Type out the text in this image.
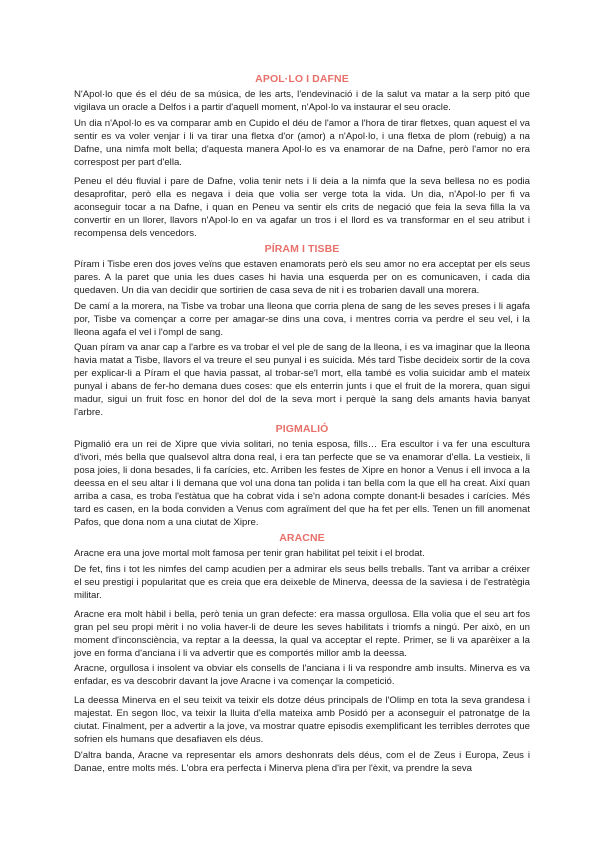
APOL·LO I DAFNE

N'Apol·lo que és el déu de sa música, de les arts, l'endevinació i de la salut va matar a la serp pitó que vigilava un oracle a Delfos i a partir d'aquell moment, n'Apol·lo va instaurar el seu oracle.

Un dia n'Apol·lo es va comparar amb en Cupido el déu de l'amor a l'hora de tirar fletxes, quan aquest el va sentir es va voler venjar i li va tirar una fletxa d'or (amor) a n'Apol·lo, i una fletxa de plom (rebuig) a na Dafne, una nimfa molt bella; d'aquesta manera Apol·lo es va enamorar de na Dafne, però l'amor no era correspost per part d'ella.

Peneu el déu fluvial i pare de Dafne, volia tenir nets i li deia a la nimfa que la seva bellesa no es podia desaprofitar, però ella es negava i deia que volia ser verge tota la vida. Un dia, n'Apol·lo per fi va aconseguir tocar a na Dafne, i quan en Peneu va sentir els crits de negació que feia la seva filla la va convertir en un llorer, llavors n'Apol·lo en va agafar un tros i el llord es va transformar en el seu atribut i recompensa dels vencedors.

PÍRAM I TISBE

Píram i Tisbe eren dos joves veïns que estaven enamorats però els seu amor no era acceptat per els seus pares. A la paret que unia les dues cases hi havia una esquerda per on es comunicaven, i cada dia quedaven. Un dia van decidir que sortirien de casa seva de nit i es trobarien davall una morera.

De camí a la morera, na Tisbe va trobar una lleona que corria plena de sang de les seves preses i li agafa por, Tisbe va començar a corre per amagar-se dins una cova, i mentres corria va perdre el seu vel, i la lleona agafa el vel i l'ompl de sang.

Quan píram va anar cap a l'arbre es va trobar el vel ple de sang de la lleona, i es va imaginar que la lleona havia matat a Tisbe, llavors el va treure el seu punyal i es suicida. Més tard Tisbe decideix sortir de la cova per explicar-li a Píram el que havia passat, al trobar-se'l mort, ella també es volia suicidar amb el mateix punyal i abans de fer-ho demana dues coses: que els enterrin junts i que el fruit de la morera, quan sigui madur, sigui un fruit fosc en honor del dol de la seva mort i perquè la sang dels amants havia banyat l'arbre.

PIGMALIÓ

Pigmalió era un rei de Xipre que vivia solitari, no tenia esposa, fills… Era escultor i va fer una escultura d'ivori, més bella que qualsevol altra dona real, i era tan perfecte que se va enamorar d'ella. La vestieix, li posa joies, li dona besades, li fa carícies, etc. Arriben les festes de Xipre en honor a Venus i ell invoca a la deessa en el seu altar i li demana que vol una dona tan polida i tan bella com la que ell ha creat. Així quan arriba a casa, es troba l'estàtua que ha cobrat vida i se'n adona compte donant-li besades i carícies. Més tard es casen, en la boda conviden a Venus com agraïment del que ha fet per ells. Tenen un fill anomenat Pafos, que dona nom a una ciutat de Xipre.

ARACNE

Aracne era una jove mortal molt famosa per tenir gran habilitat pel teixit i el brodat.

De fet, fins i tot les nimfes del camp acudien per a admirar els seus bells treballs. Tant va arribar a créixer el seu prestigi i popularitat que es creia que era deixeble de Minerva, deessa de la saviesa i de l'estratègia militar.

Aracne era molt hàbil i bella, però tenia un gran defecte: era massa orgullosa. Ella volia que el seu art fos gran pel seu propi mèrit i no volia haver-li de deure les seves habilitats i triomfs a ningú. Per això, en un moment d'inconsciència, va reptar a la deessa, la qual va acceptar el repte. Primer, se li va aparèixer a la jove en forma d'anciana i li va advertir que es comportés millor amb la deessa.

Aracne, orgullosa i insolent va obviar els consells de l'anciana i li va respondre amb insults. Minerva es va enfadar, es va descobrir davant la jove Aracne i va començar la competició.

La deessa Minerva en el seu teixit va teixir els dotze déus principals de l'Olimp en tota la seva grandesa i majestat. En segon lloc, va teixir la lluita d'ella mateixa amb Posidó per a aconseguir el patronatge de la ciutat. Finalment, per a advertir a la jove, va mostrar quatre episodis exemplificant les terribles derrotes que sofrien els humans que desafiaven els déus.

D'altra banda, Aracne va representar els amors deshonrats dels déus, com el de Zeus i Europa, Zeus i Danae, entre molts més. L'obra era perfecta i Minerva plena d'ira per l'èxit, va prendre la seva
